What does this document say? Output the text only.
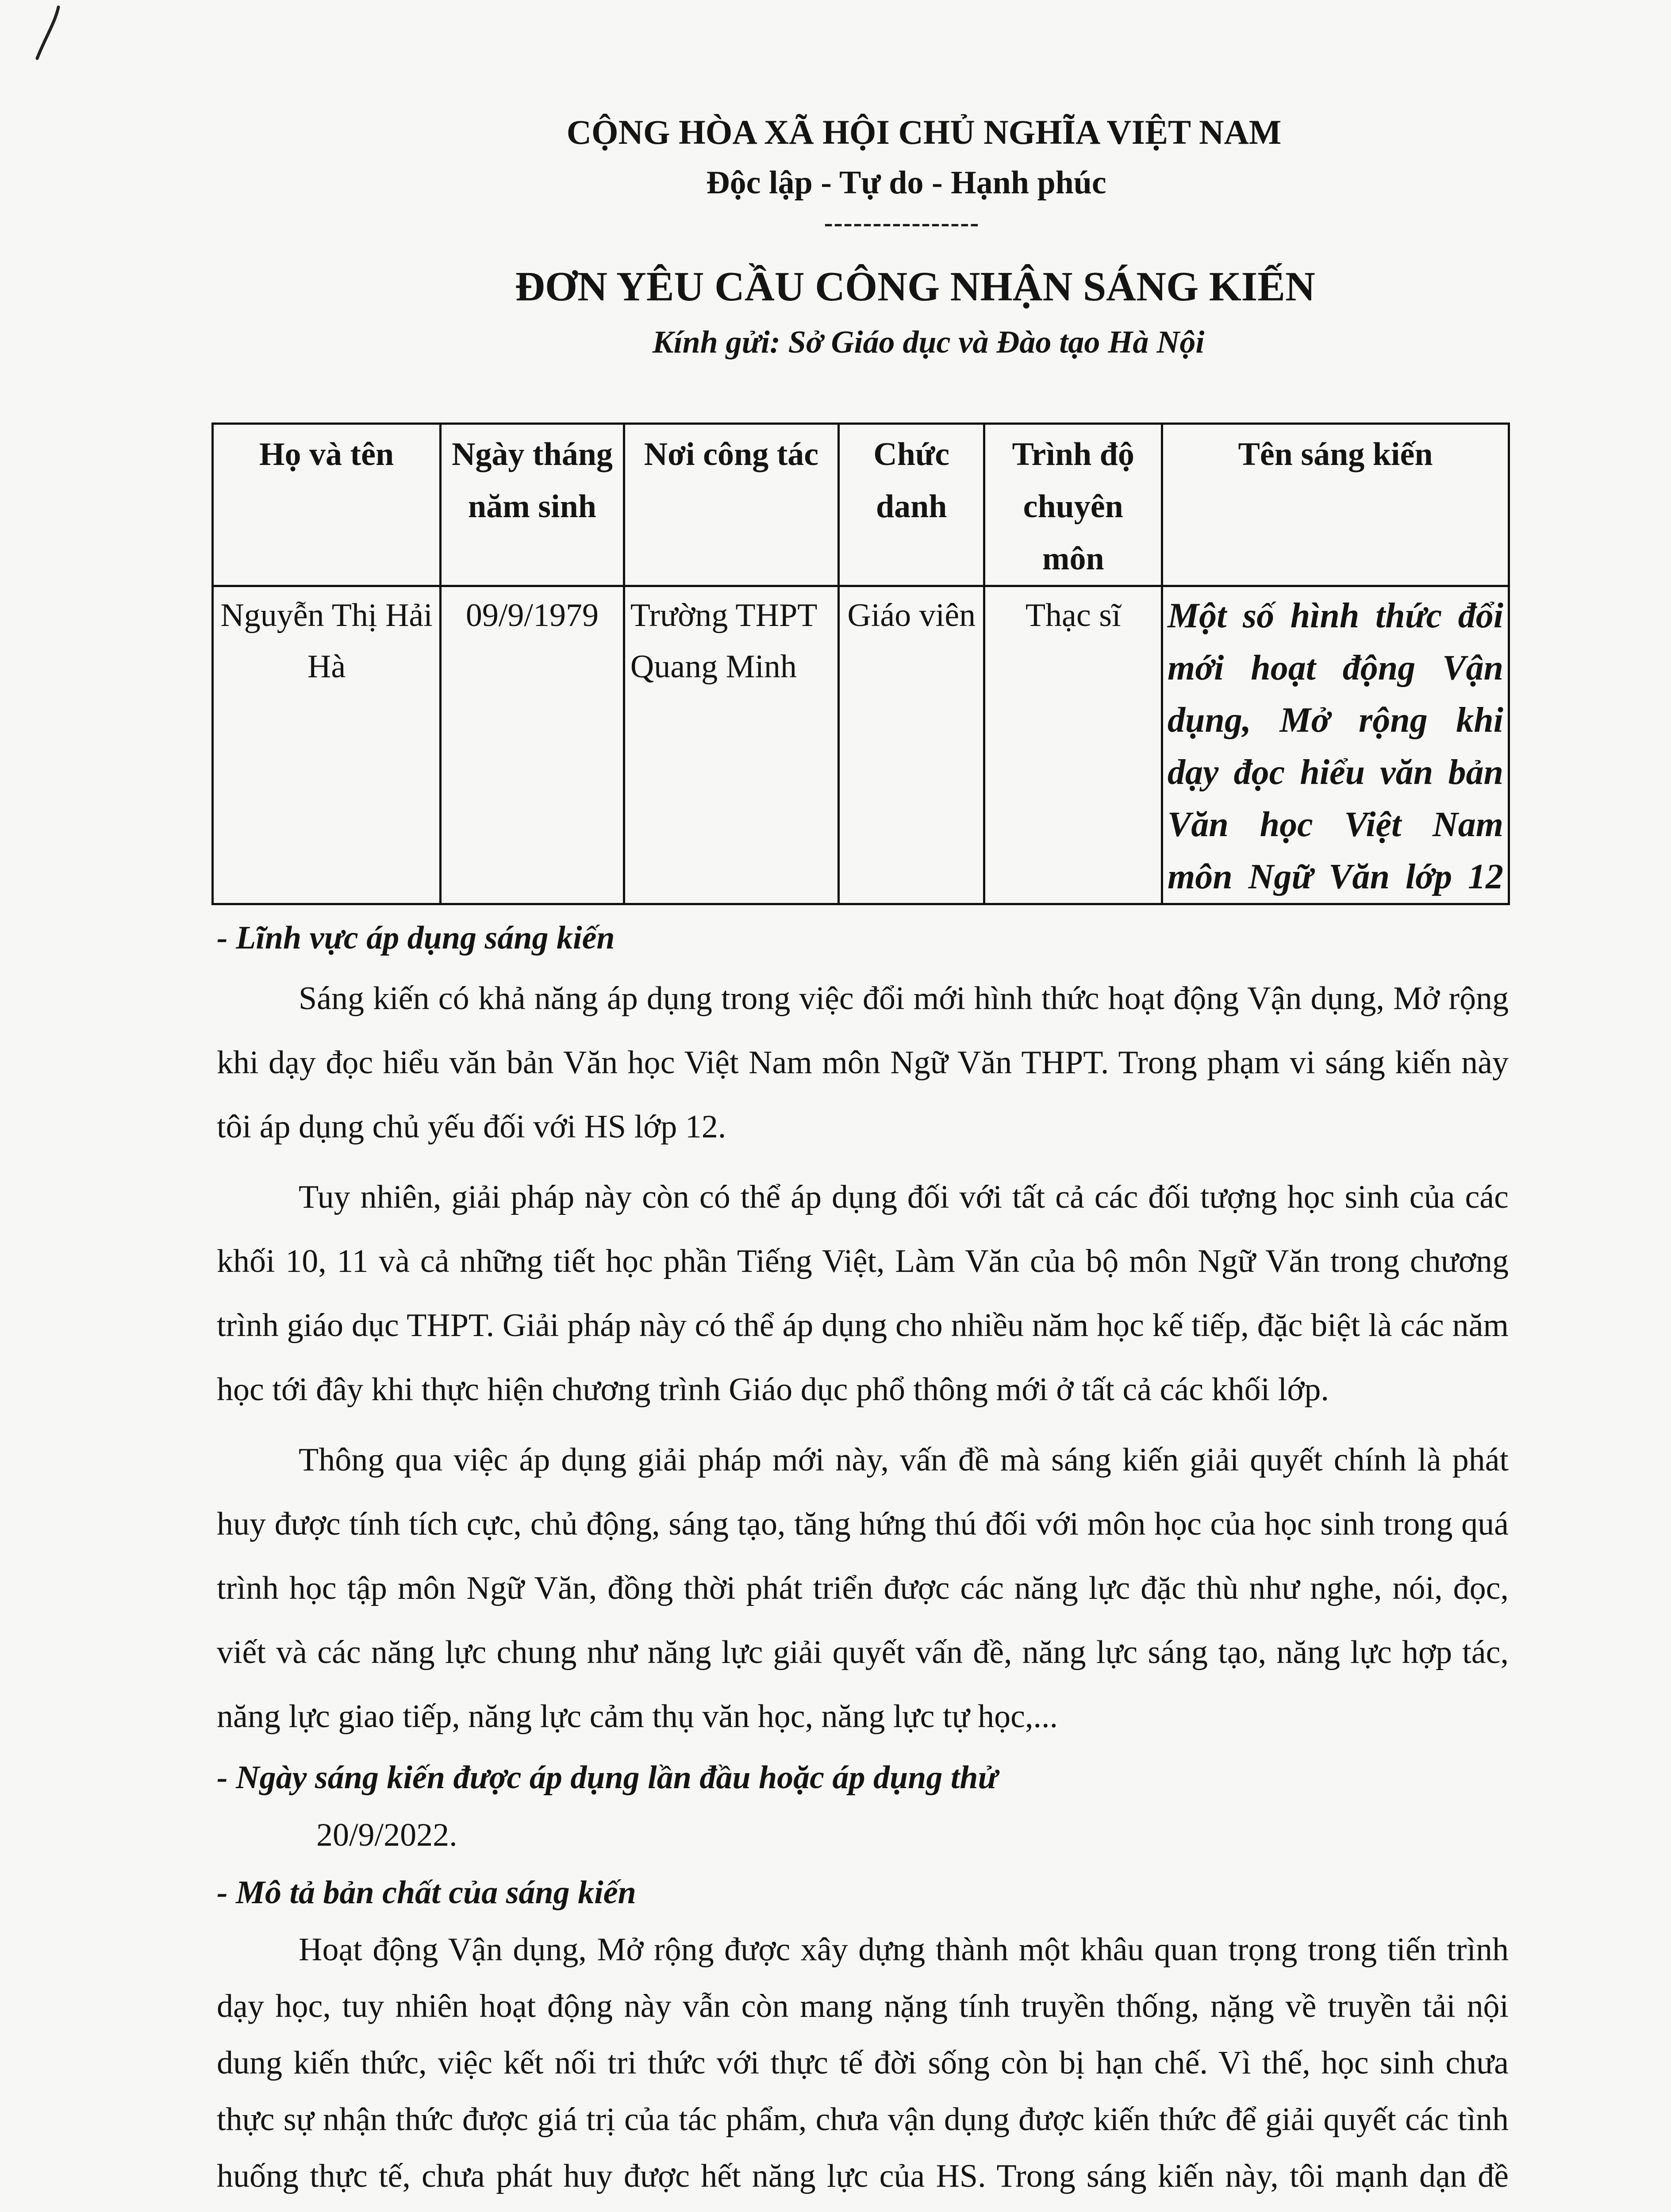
CỘNG HÒA XÃ HỘI CHỦ NGHĨA VIỆT NAM
Độc lập - Tự do - Hạnh phúc
----------------
ĐƠN YÊU CẦU CÔNG NHẬN SÁNG KIẾN
Kính gửi: Sở Giáo dục và Đào tạo Hà Nội
Họ và tên	Ngày tháng năm sinh	Nơi công tác	Chức danh	Trình độ chuyên môn	Tên sáng kiến
Nguyễn Thị Hải Hà	09/9/1979	Trường THPT Quang Minh	Giáo viên	Thạc sĩ	Một số hình thức đổi mới hoạt động Vận dụng, Mở rộng khi dạy đọc hiểu văn bản Văn học Việt Nam môn Ngữ Văn lớp 12
- Lĩnh vực áp dụng sáng kiến

Sáng kiến có khả năng áp dụng trong việc đổi mới hình thức hoạt động Vận dụng, Mở rộng khi dạy đọc hiểu văn bản Văn học Việt Nam môn Ngữ Văn THPT. Trong phạm vi sáng kiến này tôi áp dụng chủ yếu đối với HS lớp 12.

Tuy nhiên, giải pháp này còn có thể áp dụng đối với tất cả các đối tượng học sinh của các khối 10, 11 và cả những tiết học phần Tiếng Việt, Làm Văn của bộ môn Ngữ Văn trong chương trình giáo dục THPT. Giải pháp này có thể áp dụng cho nhiều năm học kế tiếp, đặc biệt là các năm học tới đây khi thực hiện chương trình Giáo dục phổ thông mới ở tất cả các khối lớp.

Thông qua việc áp dụng giải pháp mới này, vấn đề mà sáng kiến giải quyết chính là phát huy được tính tích cực, chủ động, sáng tạo, tăng hứng thú đối với môn học của học sinh trong quá trình học tập môn Ngữ Văn, đồng thời phát triển được các năng lực đặc thù như nghe, nói, đọc, viết và các năng lực chung như năng lực giải quyết vấn đề, năng lực sáng tạo, năng lực hợp tác, năng lực giao tiếp, năng lực cảm thụ văn học, năng lực tự học,...

- Ngày sáng kiến được áp dụng lần đầu hoặc áp dụng thử
20/9/2022.
- Mô tả bản chất của sáng kiến

Hoạt động Vận dụng, Mở rộng được xây dựng thành một khâu quan trọng trong tiến trình dạy học, tuy nhiên hoạt động này vẫn còn mang nặng tính truyền thống, nặng về truyền tải nội dung kiến thức, việc kết nối tri thức với thực tế đời sống còn bị hạn chế. Vì thế, học sinh chưa thực sự nhận thức được giá trị của tác phẩm, chưa vận dụng được kiến thức để giải quyết các tình huống thực tế, chưa phát huy được hết năng lực của HS. Trong sáng kiến này, tôi mạnh dạn đề
